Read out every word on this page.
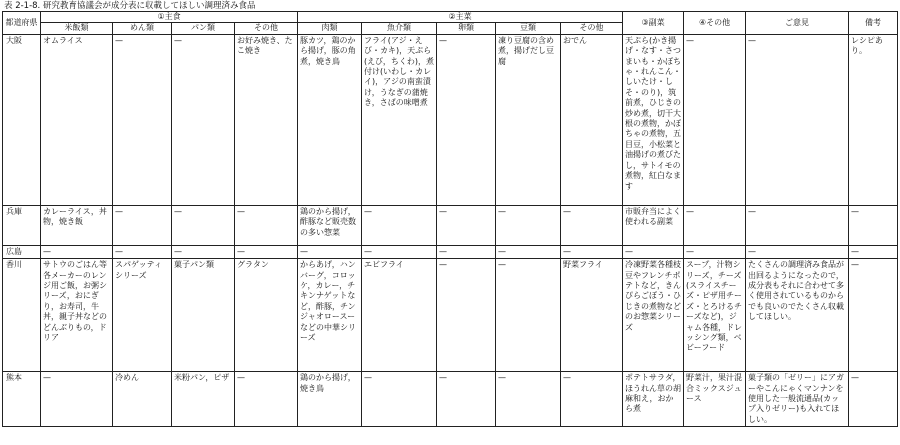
表 2-1-8. 研究教育協議会が成分表に収載してほしい調理済み食品
都道府県	①主食				②主菜					③副菜	④その他	ご意見	備考
	米飯類	めん類	パン類	その他	肉類	魚介類	卵類	豆類	その他				
大阪	オムライス	—	—	お好み焼き、たこ焼き	豚カツ，鶏のから揚げ，豚の角煮，焼き鳥	フライ(アジ・えび・カキ)，天ぷら(えび，ちくわ)，煮付け(いわし・カレイ)，アジの南蛮漬け，うなぎの蒲焼き，さばの味噌煮	—	凍り豆腐の含め煮，揚げだし豆腐	おでん	天ぷら(かき揚げ・なす・さつまいも・かぼちゃ・れんこん・しいたけ・しそ・のり)，筑前煮，ひじきの炒め煮，切干大根の煮物，かぼちゃの煮物，五目豆，小松菜と油揚げの煮びたし，サトイモの煮物，紅白なます	—	—	レシピあり。
兵庫	カレーライス，丼物，焼き飯	—	—	—	鶏のから揚げ，酢豚など販売数の多い惣菜	—	—	—	—	市販弁当によく使われる副菜	—	—	—
広島	—	—	—	—	—	—	—	—	—	—	—	—	—
香川	サトウのごはん等各メーカーのレンジ用ご飯，お粥シリーズ，おにぎり，お寿司，牛丼，親子丼などのどんぶりもの，ドリア	スパゲッティシリーズ	菓子パン類	グラタン	からあげ，ハンバーグ，コロッケ，カレー，チキンナゲットなど，酢豚，チンジャオロースーなどの中華シリーズ	エビフライ	—	—	野菜フライ	冷凍野菜各種枝豆やフレンチポテトなど，きんぴらごぼう・ひじきの煮物などのお惣菜シリーズ	スープ，汁物シリーズ，チーズ(スライスチーズ・ピザ用チーズ・とろけるチーズなど)，ジャム各種，ドレッシング類，ベビーフード	たくさんの調理済み食品が出回るようになったので，成分表もそれに合わせて多く使用されているものからでも良いのでたくさん収載してほしい。	—
熊本	—	冷めん	米粉パン，ピザ	—	鶏のから揚げ，焼き鳥	—	—	—	—	ポテトサラダ，ほうれん草の胡麻和え，おから煮	野菜汁，果汁混合ミックスジュース	菓子類の「ゼリー」にアガーやこんにゃくマンナンを使用した一般流通品(カップ入りゼリー)も入れてほしい。	—
